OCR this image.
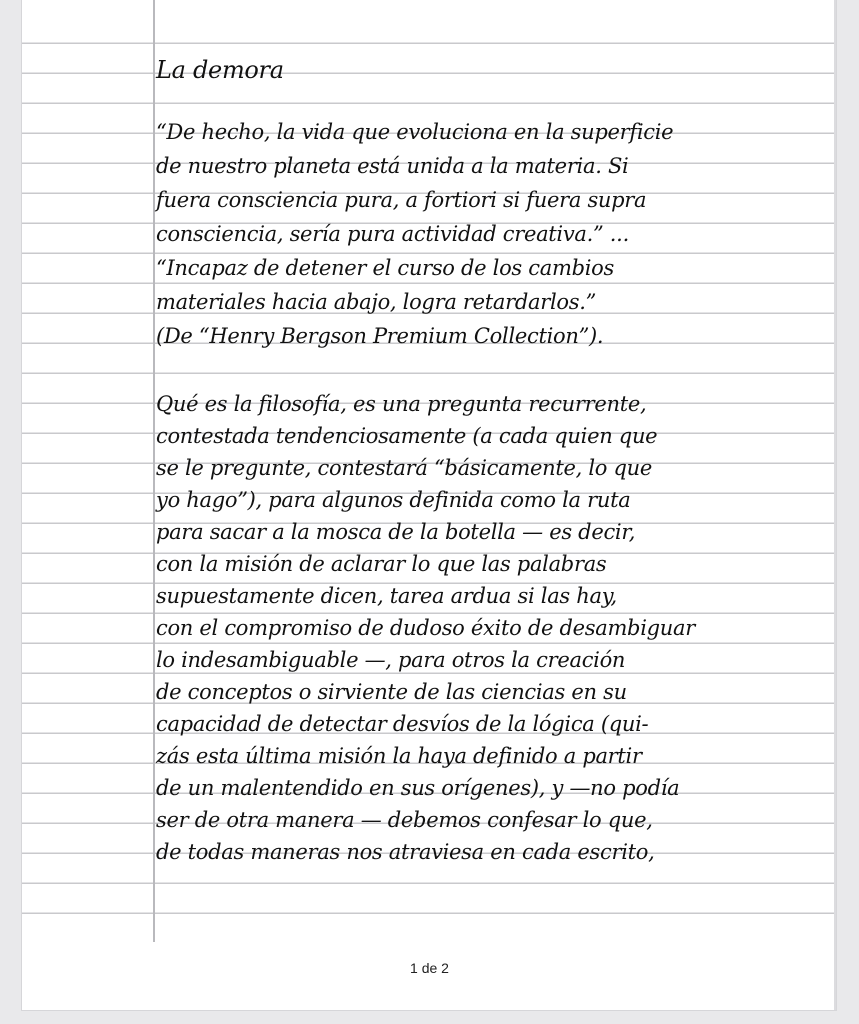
La demora
“De hecho, la vida que evoluciona en la superficie
de nuestro planeta está unida a la materia. Si
fuera consciencia pura, a fortiori si fuera supra
consciencia, sería pura actividad creativa.” ...
“Incapaz de detener el curso de los cambios
materiales hacia abajo, logra retardarlos.”
(De “Henry Bergson Premium Collection”).
Qué es la filosofía, es una pregunta recurrente,
contestada tendenciosamente (a cada quien que
se le pregunte, contestará “básicamente, lo que
yo hago”), para algunos definida como la ruta
para sacar a la mosca de la botella — es decir,
con la misión de aclarar lo que las palabras
supuestamente dicen, tarea ardua si las hay,
con el compromiso de dudoso éxito de desambiguar
lo indesambiguable —, para otros la creación
de conceptos o sirviente de las ciencias en su
capacidad de detectar desvíos de la lógica (qui-
zás esta última misión la haya definido a partir
de un malentendido en sus orígenes), y —no podía
ser de otra manera — debemos confesar lo que,
de todas maneras nos atraviesa en cada escrito,
1 de 2
